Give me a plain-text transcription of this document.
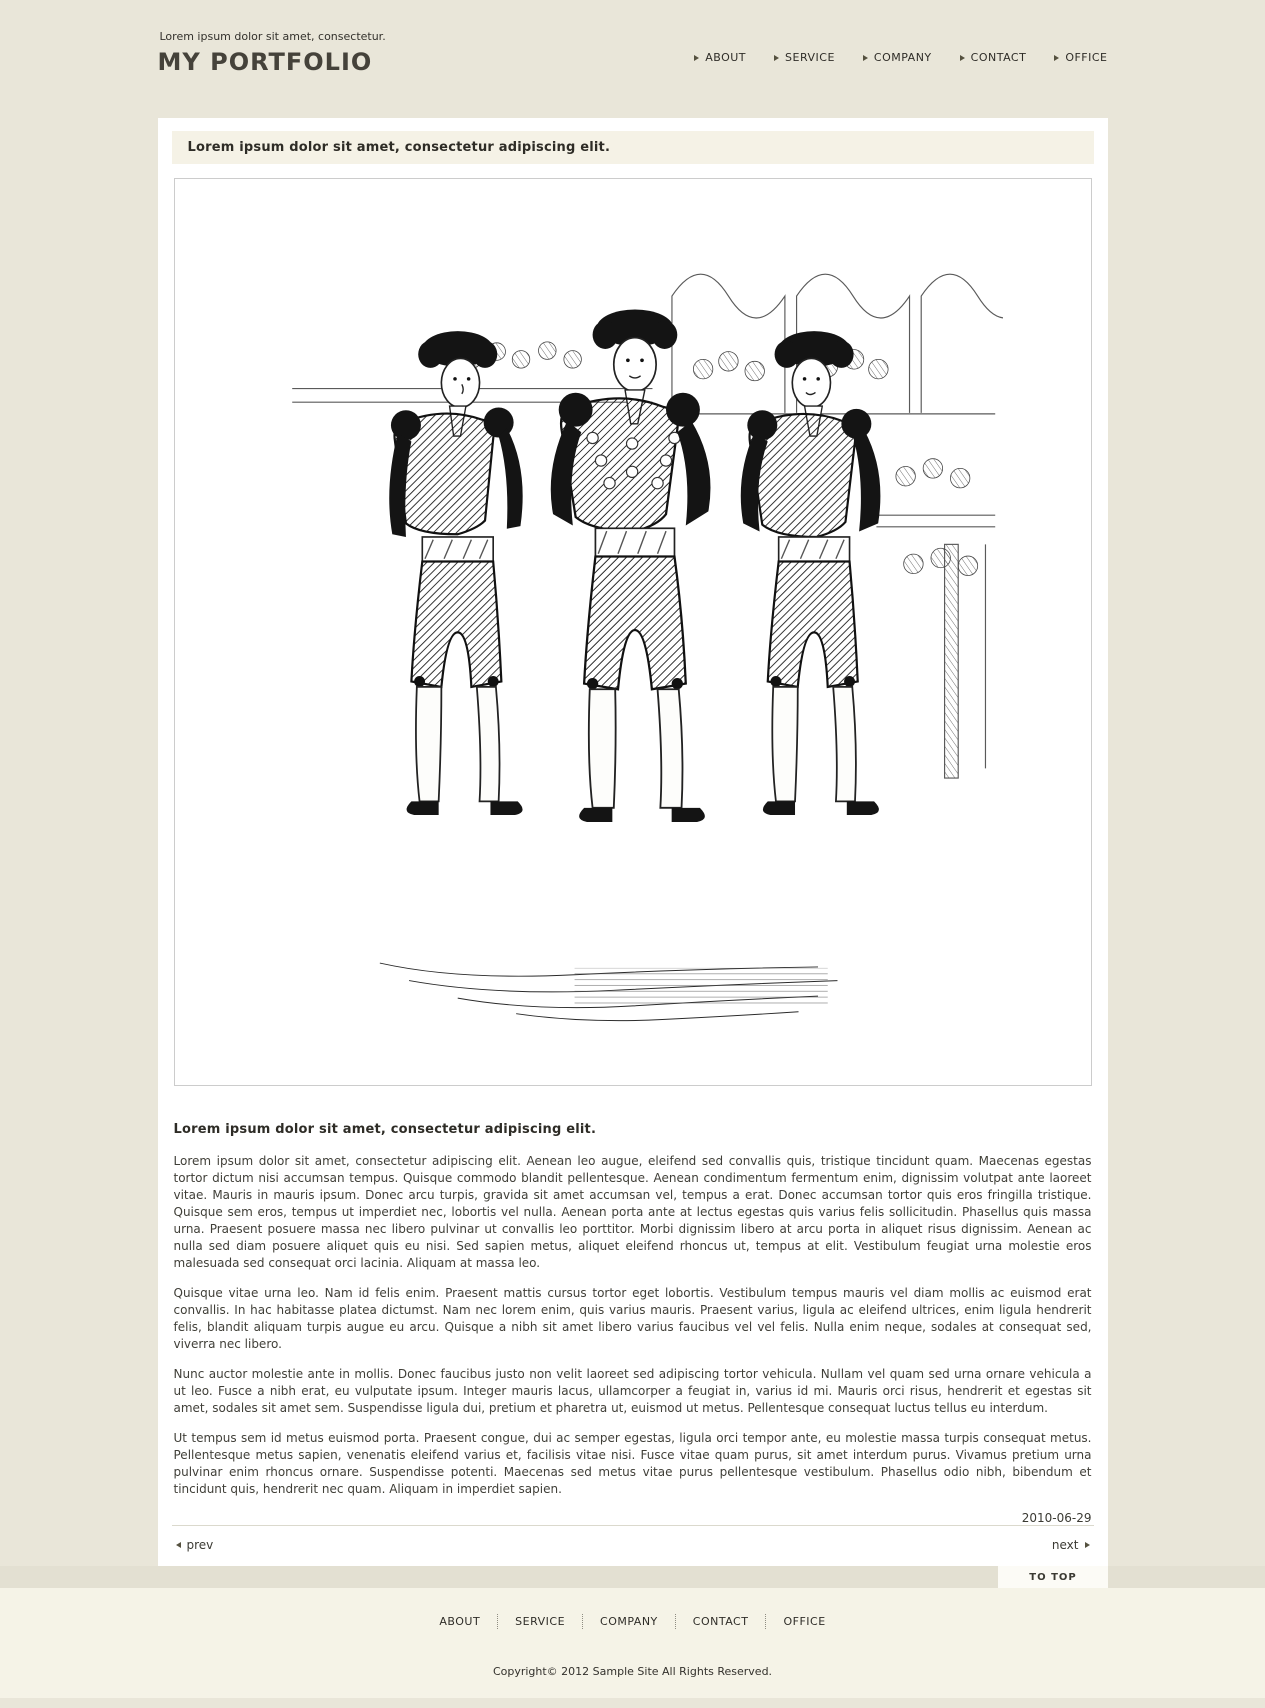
Lorem ipsum dolor sit amet, consectetur.

MY PORTFOLIO	ABOUT	SERVICE	COMPANY	CONTACT	OFFICE
Lorem ipsum dolor sit amet, consectetur adipiscing elit.
Lorem ipsum dolor sit amet, consectetur adipiscing elit.

Lorem ipsum dolor sit amet, consectetur adipiscing elit. Aenean leo augue, eleifend sed convallis quis, tristique tincidunt quam. Maecenas egestas tortor dictum nisi accumsan tempus. Quisque commodo blandit pellentesque. Aenean condimentum fermentum enim, dignissim volutpat ante laoreet vitae. Mauris in mauris ipsum. Donec arcu turpis, gravida sit amet accumsan vel, tempus a erat. Donec accumsan tortor quis eros fringilla tristique. Quisque sem eros, tempus ut imperdiet nec, lobortis vel nulla. Aenean porta ante at lectus egestas quis varius felis sollicitudin. Phasellus quis massa urna. Praesent posuere massa nec libero pulvinar ut convallis leo porttitor. Morbi dignissim libero at arcu porta in aliquet risus dignissim. Aenean ac nulla sed diam posuere aliquet quis eu nisi. Sed sapien metus, aliquet eleifend rhoncus ut, tempus at elit. Vestibulum feugiat urna molestie eros malesuada sed consequat orci lacinia. Aliquam at massa leo.

Quisque vitae urna leo. Nam id felis enim. Praesent mattis cursus tortor eget lobortis. Vestibulum tempus mauris vel diam mollis ac euismod erat convallis. In hac habitasse platea dictumst. Nam nec lorem enim, quis varius mauris. Praesent varius, ligula ac eleifend ultrices, enim ligula hendrerit felis, blandit aliquam turpis augue eu arcu. Quisque a nibh sit amet libero varius faucibus vel vel felis. Nulla enim neque, sodales at consequat sed, viverra nec libero.

Nunc auctor molestie ante in mollis. Donec faucibus justo non velit laoreet sed adipiscing tortor vehicula. Nullam vel quam sed urna ornare vehicula a ut leo. Fusce a nibh erat, eu vulputate ipsum. Integer mauris lacus, ullamcorper a feugiat in, varius id mi. Mauris orci risus, hendrerit et egestas sit amet, sodales sit amet sem. Suspendisse ligula dui, pretium et pharetra ut, euismod ut metus. Pellentesque consequat luctus tellus eu interdum.

Ut tempus sem id metus euismod porta. Praesent congue, dui ac semper egestas, ligula orci tempor ante, eu molestie massa turpis consequat metus. Pellentesque metus sapien, venenatis eleifend varius et, facilisis vitae nisi. Fusce vitae quam purus, sit amet interdum purus. Vivamus pretium urna pulvinar enim rhoncus ornare. Suspendisse potenti. Maecenas sed metus vitae purus pellentesque vestibulum. Phasellus odio nibh, bibendum et tincidunt quis, hendrerit nec quam. Aliquam in imperdiet sapien.

2010-06-29
prev	next
TO TOP
ABOUT	SERVICE	COMPANY	CONTACT	OFFICE
Copyright© 2012 Sample Site All Rights Reserved.
